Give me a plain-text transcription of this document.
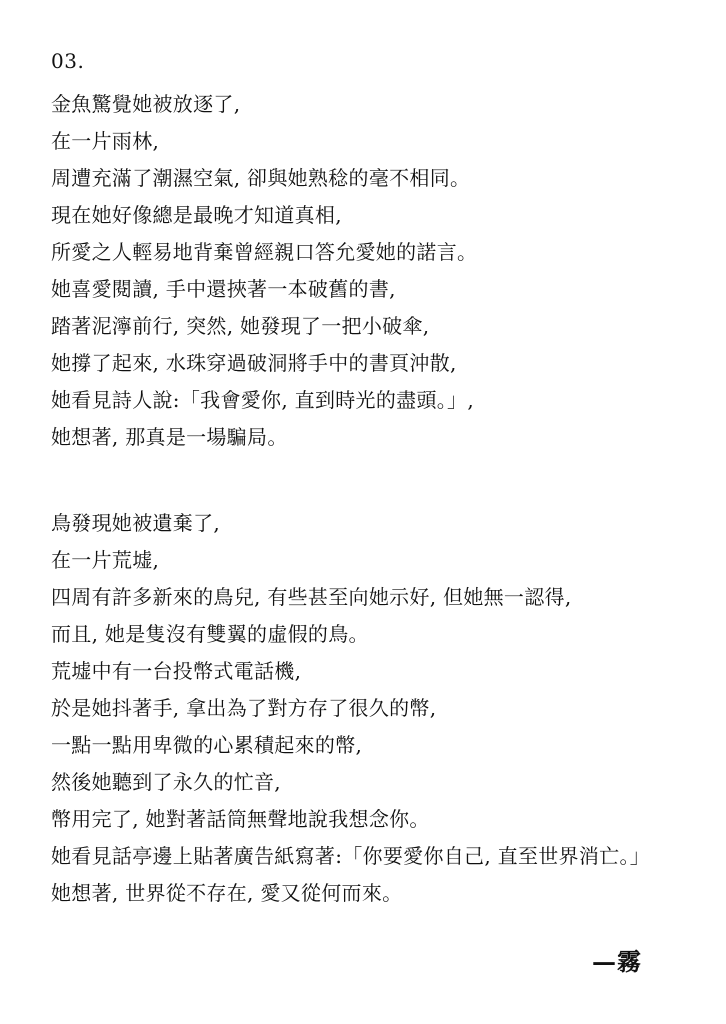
03.
金魚驚覺她被放逐了,
在一片雨林,
周遭充滿了潮濕空氣, 卻與她熟稔的毫不相同。
現在她好像總是最晚才知道真相,
所愛之人輕易地背棄曾經親口答允愛她的諾言。
她喜愛閱讀, 手中還挾著一本破舊的書,
踏著泥濘前行, 突然, 她發現了一把小破傘,
她撐了起來, 水珠穿過破洞將手中的書頁沖散,
她看見詩人說:「我會愛你, 直到時光的盡頭。」,
她想著, 那真是一場騙局。
鳥發現她被遺棄了,
在一片荒墟,
四周有許多新來的鳥兒, 有些甚至向她示好, 但她無一認得,
而且, 她是隻沒有雙翼的虛假的鳥。
荒墟中有一台投幣式電話機,
於是她抖著手, 拿出為了對方存了很久的幣,
一點一點用卑微的心累積起來的幣,
然後她聽到了永久的忙音,
幣用完了, 她對著話筒無聲地說我想念你。
她看見話亭邊上貼著廣告紙寫著:「你要愛你自己, 直至世界消亡。」
她想著, 世界從不存在, 愛又從何而來。
—霧
